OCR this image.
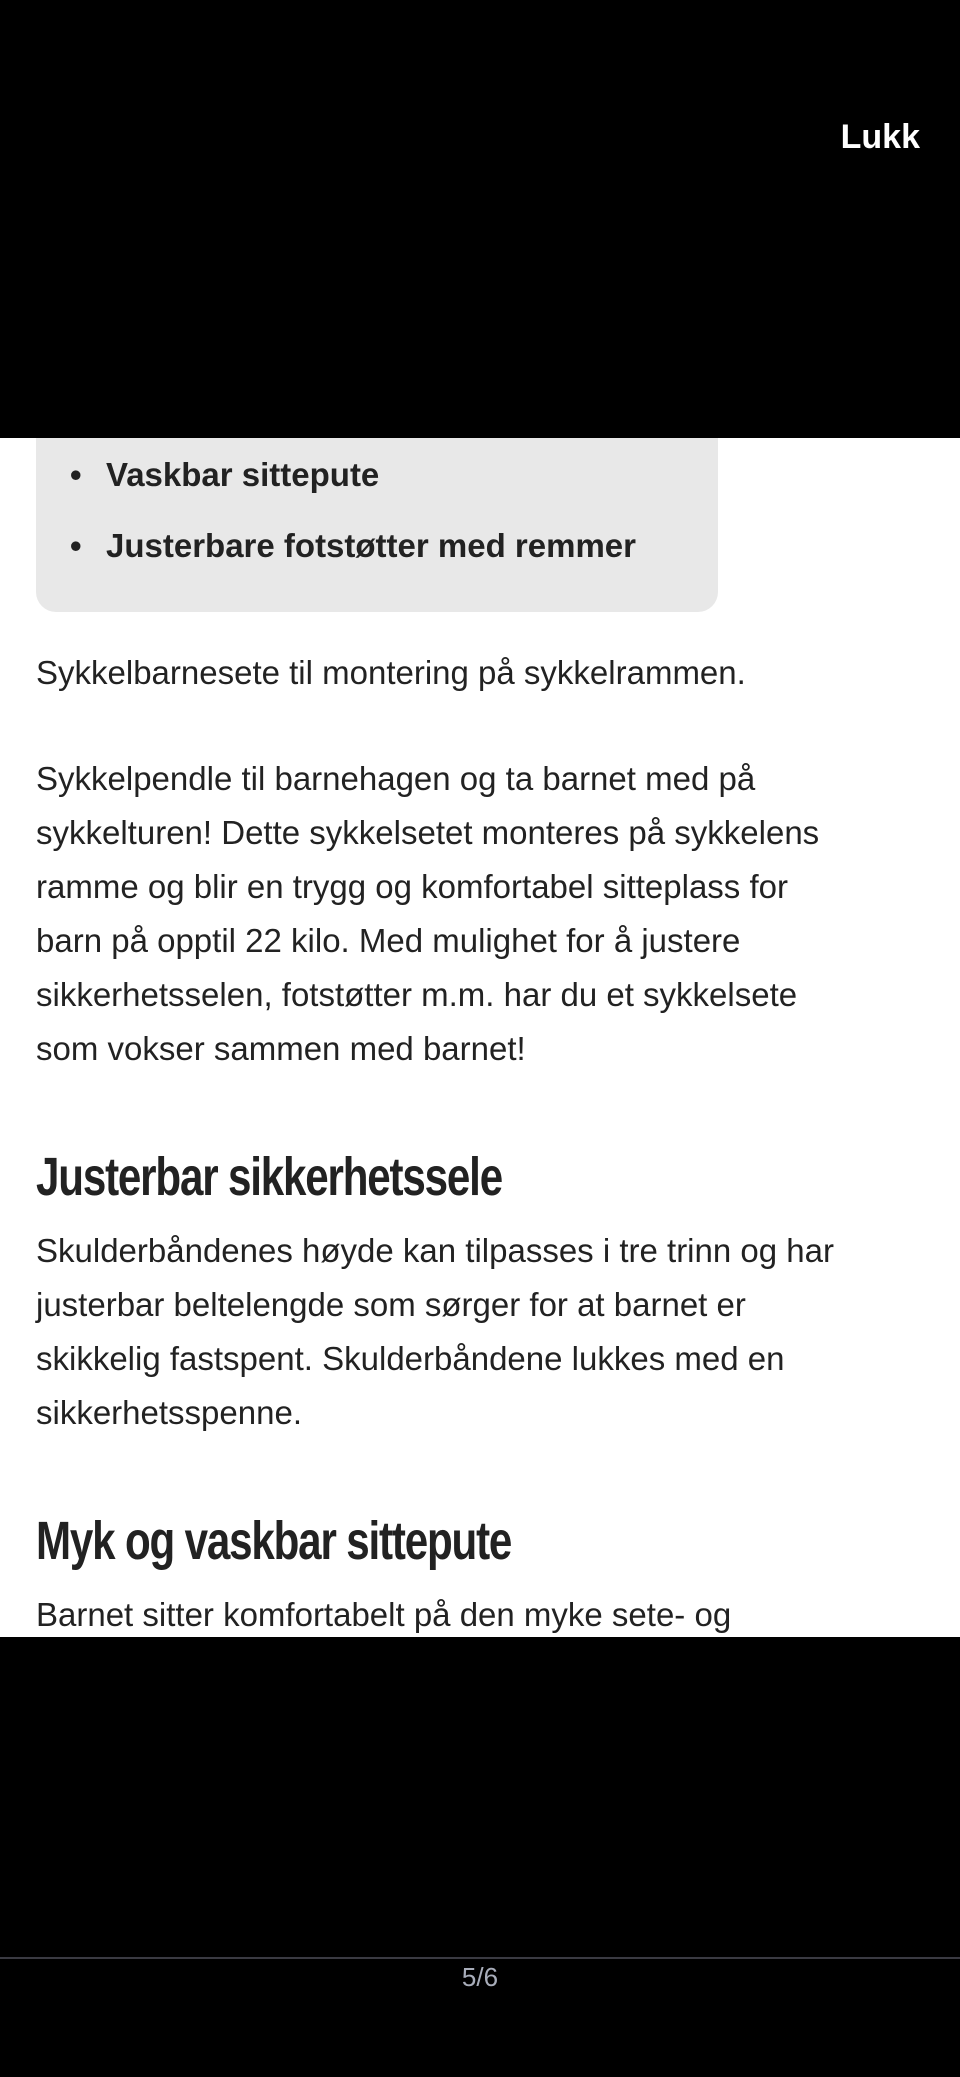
Lukk
• Vaskbar sittepute
• Justerbare fotstøtter med remmer
Sykkelbarnesete til montering på sykkelrammen.
Sykkelpendle til barnehagen og ta barnet med på
sykkelturen! Dette sykkelsetet monteres på sykkelens
ramme og blir en trygg og komfortabel sitteplass for
barn på opptil 22 kilo. Med mulighet for å justere
sikkerhetsselen, fotstøtter m.m. har du et sykkelsete
som vokser sammen med barnet!
Justerbar sikkerhetssele
Skulderbåndenes høyde kan tilpasses i tre trinn og har
justerbar beltelengde som sørger for at barnet er
skikkelig fastspent. Skulderbåndene lukkes med en
sikkerhetsspenne.
Myk og vaskbar sittepute
Barnet sitter komfortabelt på den myke sete- og
5/6
